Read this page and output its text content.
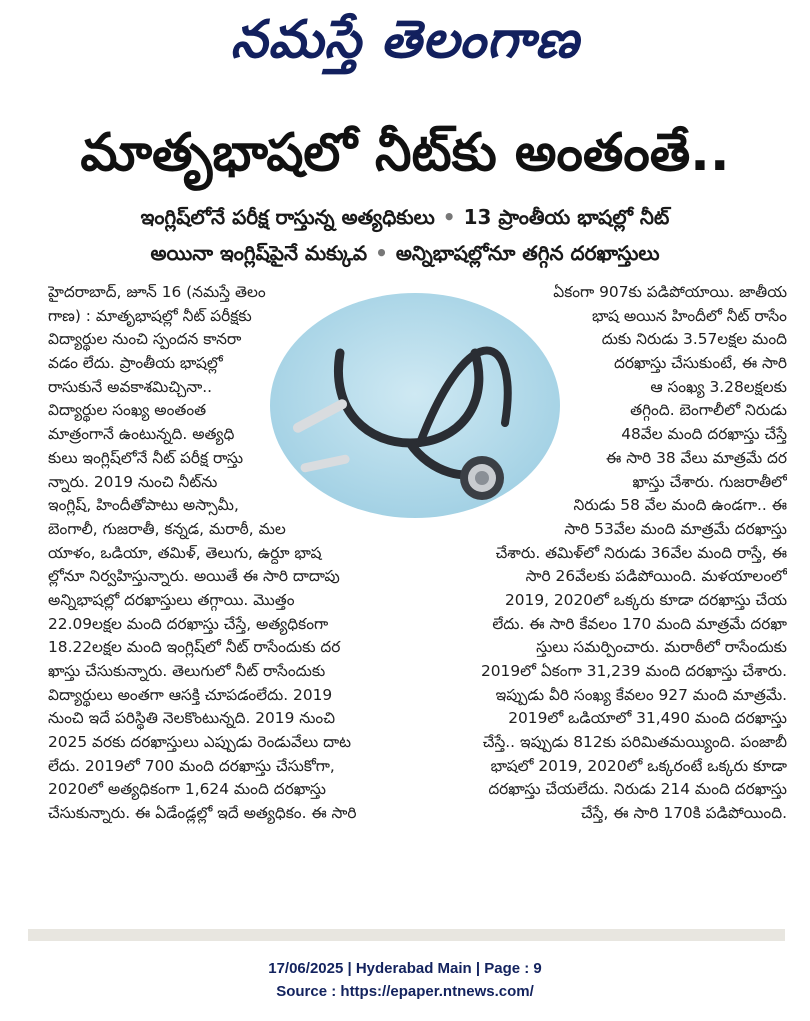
నమస్తే తెలంగాణ
మాతృభాషలో నీట్‌కు అంతంతే..
ఇంగ్లిష్‌లోనే పరీక్ష రాస్తున్న అత్యధికులు • 13 ప్రాంతీయ భాషల్లో నీట్
అయినా ఇంగ్లిష్‌పైనే మక్కువ • అన్నిభాషల్లోనూ తగ్గిన దరఖాస్తులు
హైదరాబాద్, జూన్ 16 (నమస్తే తెలం
గాణ) : మాతృభాషల్లో నీట్ పరీక్షకు
విద్యార్థుల నుంచి స్పందన కానరా
వడం లేదు. ప్రాంతీయ భాషల్లో
రాసుకునే అవకాశమిచ్చినా..
విద్యార్థుల సంఖ్య అంతంత
మాత్రంగానే ఉంటున్నది. అత్యధి
కులు ఇంగ్లిష్‌లోనే నీట్ పరీక్ష రాస్తు
న్నారు. 2019 నుంచి నీట్‌ను
ఇంగ్లిష్, హిందీతోపాటు అస్సామీ,
బెంగాలీ, గుజరాతీ, కన్నడ, మరాఠీ, మల
యాళం, ఒడియా, తమిళ్, తెలుగు, ఉర్దూ భాష
ల్లోనూ నిర్వహిస్తున్నారు. అయితే ఈ సారి దాదాపు
అన్నిభాషల్లో దరఖాస్తులు తగ్గాయి. మొత్తం
22.09లక్షల మంది దరఖాస్తు చేస్తే, అత్యధికంగా
18.22లక్షల మంది ఇంగ్లిష్‌లో నీట్ రాసేందుకు దర
ఖాస్తు చేసుకున్నారు. తెలుగులో నీట్ రాసేందుకు
విద్యార్థులు అంతగా ఆసక్తి చూపడంలేదు. 2019
నుంచి ఇదే పరిస్థితి నెలకొంటున్నది. 2019 నుంచి
2025 వరకు దరఖాస్తులు ఎప్పుడు రెండువేలు దాట
లేదు. 2019లో 700 మంది దరఖాస్తు చేసుకోగా,
2020లో అత్యధికంగా 1,624 మంది దరఖాస్తు
చేసుకున్నారు. ఈ ఏడేండ్లల్లో ఇదే అత్యధికం. ఈ సారి
ఏకంగా 907కు పడిపోయాయి. జాతీయ
భాష అయిన హిందీలో నీట్ రాసేం
దుకు నిరుడు 3.57లక్షల మంది
దరఖాస్తు చేసుకుంటే, ఈ సారి
ఆ సంఖ్య 3.28లక్షలకు
తగ్గింది. బెంగాలీలో నిరుడు
48వేల మంది దరఖాస్తు చేస్తే
ఈ సారి 38 వేలు మాత్రమే దర
ఖాస్తు చేశారు. గుజరాతీలో
నిరుడు 58 వేల మంది ఉండగా.. ఈ
సారి 53వేల మంది మాత్రమే దరఖాస్తు
చేశారు. తమిళ్‌లో నిరుడు 36వేల మంది రాస్తే, ఈ
సారి 26వేలకు పడిపోయింది. మళయాలంలో
2019, 2020లో ఒక్కరు కూడా దరఖాస్తు చేయ
లేదు. ఈ సారి కేవలం 170 మంది మాత్రమే దరఖా
స్తులు సమర్పించారు. మరాఠీలో రాసేందుకు
2019లో ఏకంగా 31,239 మంది దరఖాస్తు చేశారు.
ఇప్పుడు వీరి సంఖ్య కేవలం 927 మంది మాత్రమే.
2019లో ఒడియాలో 31,490 మంది దరఖాస్తు
చేస్తే.. ఇప్పుడు 812కు పరిమితమయ్యింది. పంజాబీ
భాషలో 2019, 2020లో ఒక్కరంటే ఒక్కరు కూడా
దరఖాస్తు చేయలేదు. నిరుడు 214 మంది దరఖాస్తు
చేస్తే, ఈ సారి 170కి పడిపోయింది.
17/06/2025 | Hyderabad Main | Page : 9
Source : https://epaper.ntnews.com/
